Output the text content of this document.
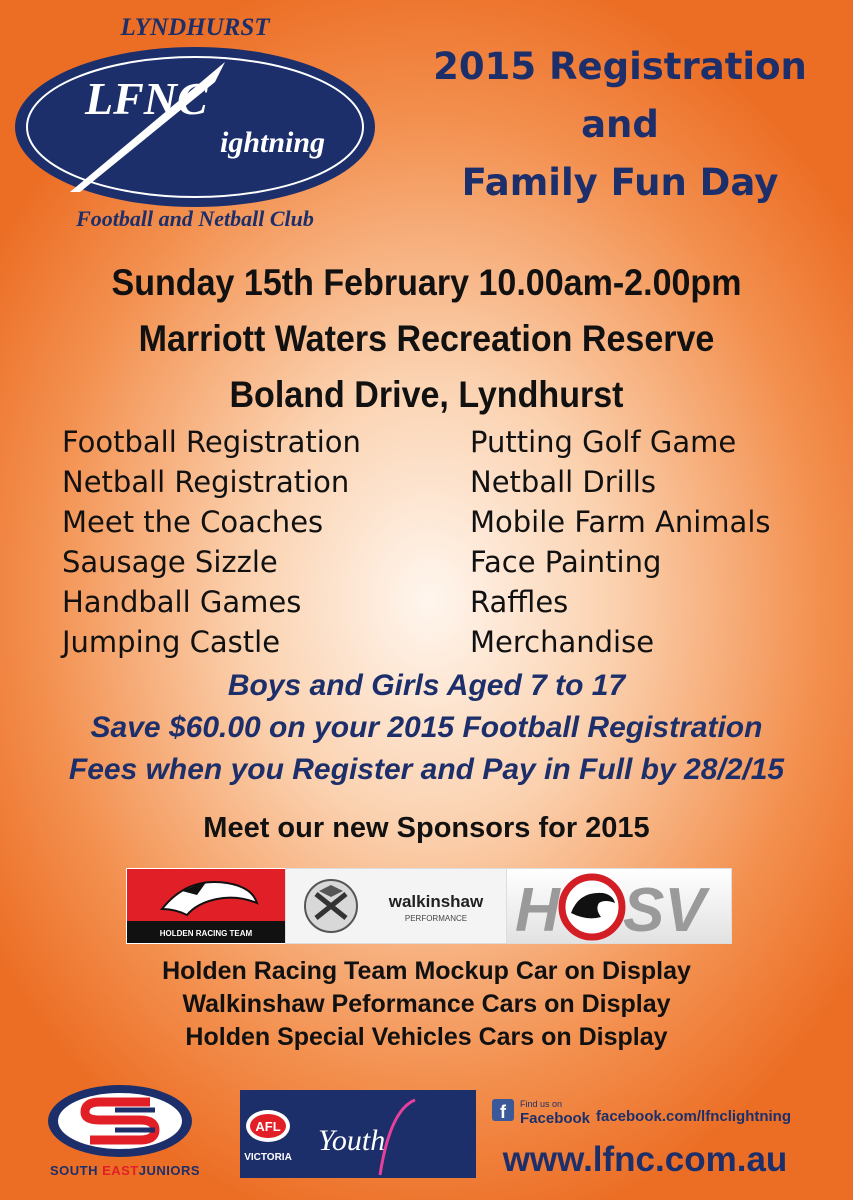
LYNDHURST
LFNC
ightning
Football and Netball Club
2015 Registration
and
Family Fun Day
Sunday 15th February 10.00am-2.00pm
Marriott Waters Recreation Reserve
Boland Drive, Lyndhurst
Football Registration
Netball Registration
Meet the Coaches
Sausage Sizzle
Handball Games
Jumping Castle
Putting Golf Game
Netball Drills
Mobile Farm Animals
Face Painting
Raffles
Merchandise
Boys and Girls Aged 7 to 17
Save $60.00 on your 2015 Football Registration
Fees when you Register and Pay in Full by 28/2/15
Meet our new Sponsors for 2015
HOLDEN RACING TEAM
walkinshaw
PERFORMANCE H SV
Holden Racing Team Mockup Car on Display
Walkinshaw Peformance Cars on Display
Holden Special Vehicles Cars on Display
SOUTH EASTJUNIORS
AFL
VICTORIA
Youth Girls
f Find us on
Facebook facebook.com/lfnclightning
www.lfnc.com.au
